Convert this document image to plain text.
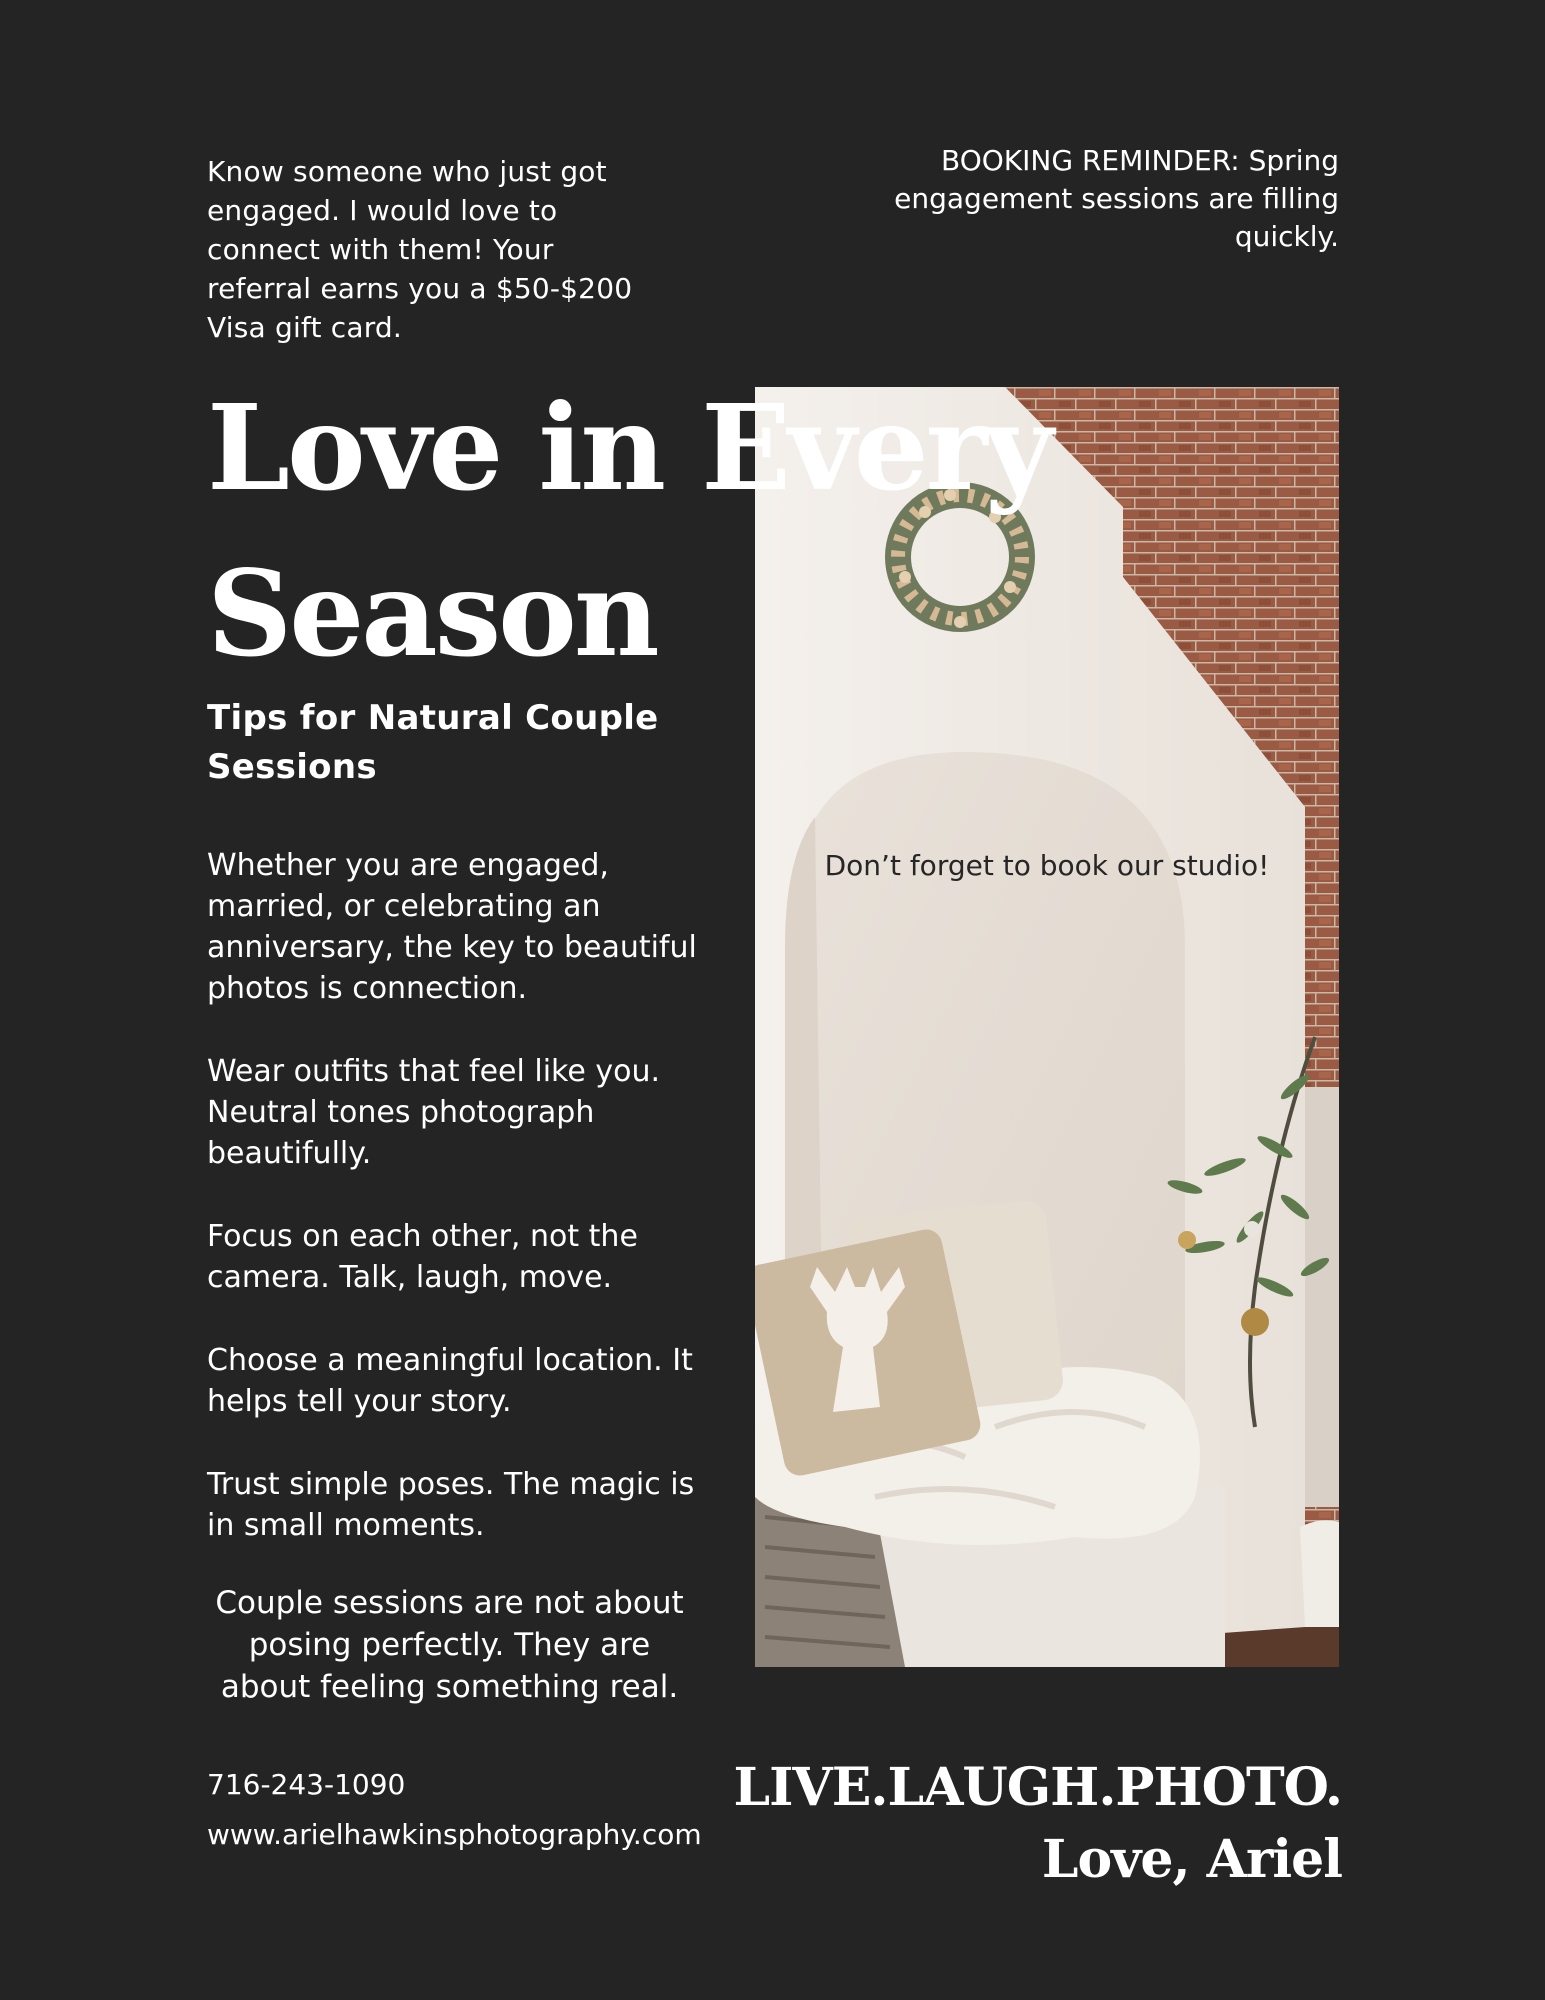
Know someone who just got engaged. I would love to connect with them! Your referral earns you a $50-$200 Visa gift card.
BOOKING REMINDER: Spring engagement sessions are filling quickly.
Love in Every
Season
Tips for Natural Couple Sessions

Whether you are engaged, married, or celebrating an anniversary, the key to beautiful photos is connection.

Wear outfits that feel like you. Neutral tones photograph beautifully.

Focus on each other, not the camera. Talk, laugh, move.

Choose a meaningful location. It helps tell your story.

Trust simple poses. The magic is in small moments.

Couple sessions are not about posing perfectly. They are about feeling something real.
716-243-1090
www.arielhawkinsphotography.com
Don’t forget to book our studio!
LIVE.LAUGH.PHOTO.
Love, Ariel
